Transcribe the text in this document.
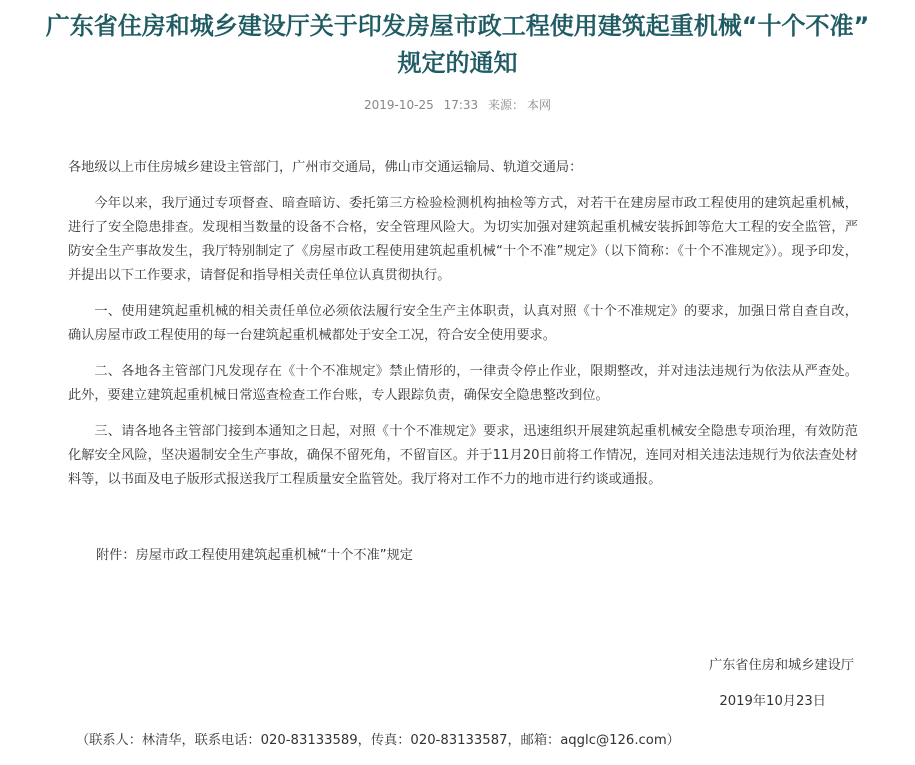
广东省住房和城乡建设厅关于印发房屋市政工程使用建筑起重机械“十个不准”
规定的通知
2019-10-25 17:33 来源： 本网

各地级以上市住房城乡建设主管部门，广州市交通局，佛山市交通运输局、轨道交通局：

今年以来，我厅通过专项督查、暗查暗访、委托第三方检验检测机构抽检等方式，对若干在建房屋市政工程使用的建筑起重机械，进行了安全隐患排查。发现相当数量的设备不合格，安全管理风险大。为切实加强对建筑起重机械安装拆卸等危大工程的安全监管，严防安全生产事故发生，我厅特别制定了《房屋市政工程使用建筑起重机械“十个不准”规定》（以下简称：《十个不准规定》）。现予印发，并提出以下工作要求，请督促和指导相关责任单位认真贯彻执行。

一、使用建筑起重机械的相关责任单位必须依法履行安全生产主体职责，认真对照《十个不准规定》的要求，加强日常自查自改，确认房屋市政工程使用的每一台建筑起重机械都处于安全工况，符合安全使用要求。

二、各地各主管部门凡发现存在《十个不准规定》禁止情形的，一律责令停止作业，限期整改，并对违法违规行为依法从严查处。此外，要建立建筑起重机械日常巡查检查工作台账，专人跟踪负责，确保安全隐患整改到位。

三、请各地各主管部门接到本通知之日起，对照《十个不准规定》要求，迅速组织开展建筑起重机械安全隐患专项治理，有效防范化解安全风险，坚决遏制安全生产事故，确保不留死角，不留盲区。并于11月20日前将工作情况，连同对相关违法违规行为依法查处材料等，以书面及电子版形式报送我厅工程质量安全监管处。我厅将对工作不力的地市进行约谈或通报。

附件：房屋市政工程使用建筑起重机械“十个不准”规定
广东省住房和城乡建设厅
2019年10月23日
（联系人：林清华，联系电话：020-83133589，传真：020-83133587，邮箱：aqglc@126.com）
